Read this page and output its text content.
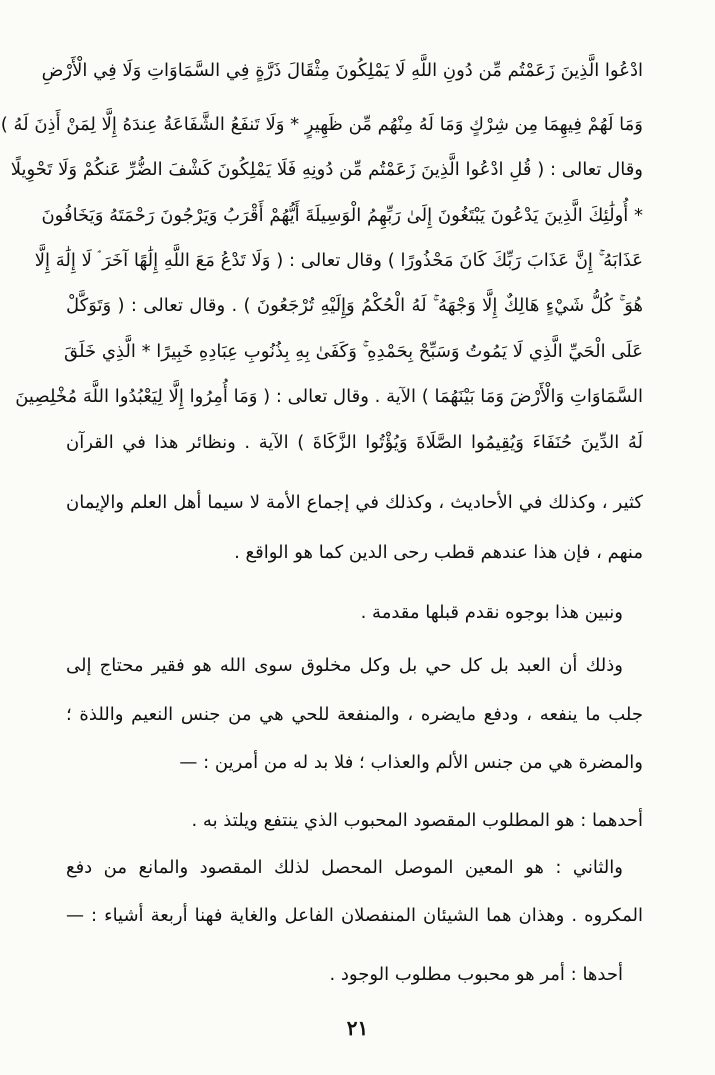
ادْعُوا الَّذِينَ زَعَمْتُم مِّن دُونِ اللَّهِ لَا يَمْلِكُونَ مِثْقَالَ ذَرَّةٍ فِي السَّمَاوَاتِ وَلَا فِي الْأَرْضِ
وَمَا لَهُمْ فِيهِمَا مِن شِرْكٍ وَمَا لَهُ مِنْهُم مِّن ظَهِيرٍ * وَلَا تَنفَعُ الشَّفَاعَةُ عِندَهُ إِلَّا لِمَنْ أَذِنَ لَهُ )
وقال تعالى : ( قُلِ ادْعُوا الَّذِينَ زَعَمْتُم مِّن دُونِهِ فَلَا يَمْلِكُونَ كَشْفَ الضُّرِّ عَنكُمْ وَلَا تَحْوِيلًا
* أُولَٰئِكَ الَّذِينَ يَدْعُونَ يَبْتَغُونَ إِلَىٰ رَبِّهِمُ الْوَسِيلَةَ أَيُّهُمْ أَقْرَبُ وَيَرْجُونَ رَحْمَتَهُ وَيَخَافُونَ
عَذَابَهُ ۚ إِنَّ عَذَابَ رَبِّكَ كَانَ مَحْذُورًا ) وقال تعالى : ( وَلَا تَدْعُ مَعَ اللَّهِ إِلَٰهًا آخَرَ ۘ لَا إِلَٰهَ إِلَّا
هُوَ ۚ كُلُّ شَيْءٍ هَالِكٌ إِلَّا وَجْهَهُ ۚ لَهُ الْحُكْمُ وَإِلَيْهِ تُرْجَعُونَ ) . وقال تعالى : ( وَتَوَكَّلْ
عَلَى الْحَيِّ الَّذِي لَا يَمُوتُ وَسَبِّحْ بِحَمْدِهِ ۚ وَكَفَىٰ بِهِ بِذُنُوبِ عِبَادِهِ خَبِيرًا * الَّذِي خَلَقَ
السَّمَاوَاتِ وَالْأَرْضَ وَمَا بَيْنَهُمَا ) الآية . وقال تعالى : ( وَمَا أُمِرُوا إِلَّا لِيَعْبُدُوا اللَّهَ مُخْلِصِينَ
لَهُ الدِّينَ حُنَفَاءَ وَيُقِيمُوا الصَّلَاةَ وَيُؤْتُوا الزَّكَاةَ ) الآية . ونظائر هذا في القرآن
كثير ، وكذلك في الأحاديث ، وكذلك في إجماع الأمة لا سيما أهل العلم والإيمان
منهم ، فإن هذا عندهم قطب رحى الدين كما هو الواقع .
ونبين هذا بوجوه نقدم قبلها مقدمة .
وذلك أن العبد بل كل حي بل وكل مخلوق سوى الله هو فقير محتاج إلى
جلب ما ينفعه ، ودفع مايضره ، والمنفعة للحي هي من جنس النعيم واللذة ؛
والمضرة هي من جنس الألم والعذاب ؛ فلا بد له من أمرين : —
أحدهما : هو المطلوب المقصود المحبوب الذي ينتفع ويلتذ به .
والثاني : هو المعين الموصل المحصل لذلك المقصود والمانع من دفع
المكروه . وهذان هما الشيئان المنفصلان الفاعل والغاية فهنا أربعة أشياء : —
أحدها : أمر هو محبوب مطلوب الوجود .
٢١
